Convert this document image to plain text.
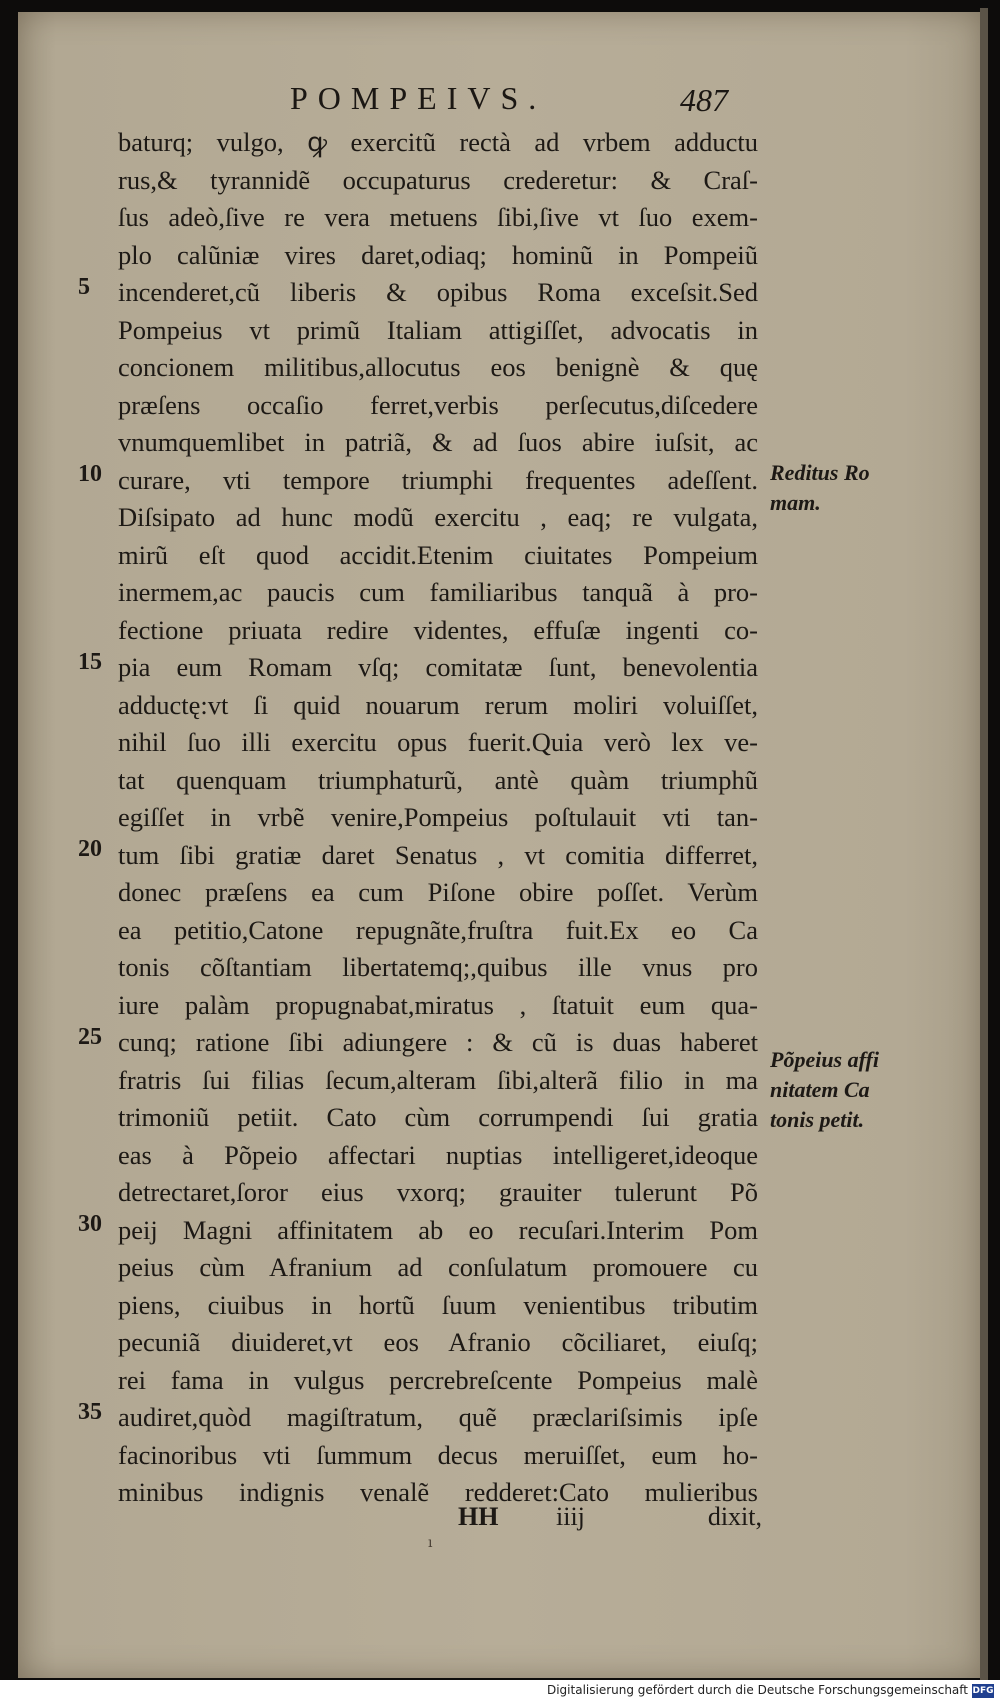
POMPEIVS.	487
baturq; vulgo, ꝙ exercitũ rectà ad vrbem adductu
rus,& tyrannidẽ occupaturus crederetur: & Craſ-
ſus adeò,ſive re vera metuens ſibi,ſive vt ſuo exem-
plo calũniæ vires daret,odiaq; hominũ in Pompeiũ
incenderet,cũ liberis & opibus Roma exceſsit.Sed
Pompeius vt primũ Italiam attigiſſet, advocatis in
concionem militibus,allocutus eos benignè & quę
præſens occaſio ferret,verbis perſecutus,diſcedere
vnumquemlibet in patriã, & ad ſuos abire iuſsit, ac
curare, vti tempore triumphi frequentes adeſſent.
Diſsipato ad hunc modũ exercitu , eaq; re vulgata,
mirũ eſt quod accidit.Etenim ciuitates Pompeium
inermem,ac paucis cum familiaribus tanquã à pro-
fectione priuata redire videntes, effuſæ ingenti co-
pia eum Romam vſq; comitatæ ſunt, benevolentia
adductę:vt ſi quid nouarum rerum moliri voluiſſet,
nihil ſuo illi exercitu opus fuerit.Quia verò lex ve-
tat quenquam triumphaturũ, antè quàm triumphũ
egiſſet in vrbẽ venire,Pompeius poſtulauit vti tan-
tum ſibi gratiæ daret Senatus , vt comitia differret,
donec præſens ea cum Piſone obire poſſet. Verùm
ea petitio,Catone repugnãte,fruſtra fuit.Ex eo Ca
tonis cõſtantiam libertatemq;,quibus ille vnus pro
iure palàm propugnabat,miratus , ſtatuit eum qua-
cunq; ratione ſibi adiungere : & cũ is duas haberet
fratris ſui filias ſecum,alteram ſibi,alterã filio in ma
trimoniũ petiit. Cato cùm corrumpendi ſui gratia
eas à Põpeio affectari nuptias intelligeret,ideoque
detrectaret,ſoror eius vxorq; grauiter tulerunt Põ
peij Magni affinitatem ab eo recuſari.Interim Pom
peius cùm Afranium ad conſulatum promouere cu
piens, ciuibus in hortũ ſuum venientibus tributim
pecuniã diuideret,vt eos Afranio cõciliaret, eiuſq;
rei fama in vulgus percrebreſcente Pompeius malè
audiret,quòd magiſtratum, quẽ præclariſsimis ipſe
facinoribus vti ſummum decus meruiſſet, eum ho-
minibus indignis venalẽ redderet:Cato mulieribus
5
10
15
20
25
30
35
Reditus Ro
mam.
Põpeius affi
nitatem Ca
tonis petit.
HH iiij	dixit,
ı
Digitalisierung gefördert durch die Deutsche Forschungsgemeinschaft DFG
